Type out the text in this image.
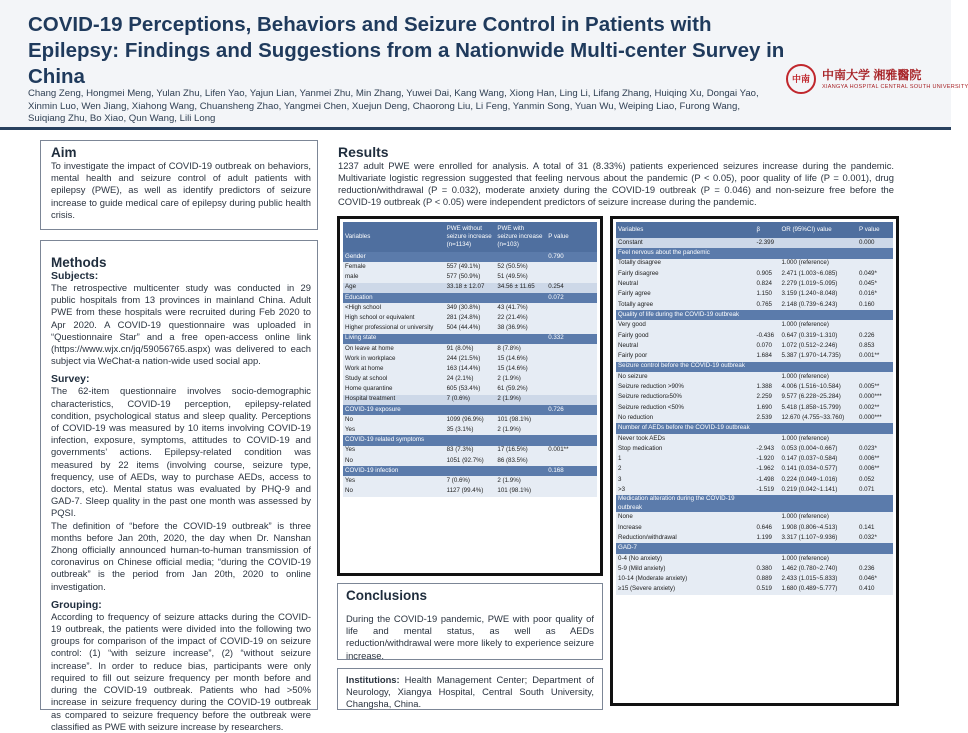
COVID-19 Perceptions, Behaviors and Seizure Control in Patients with Epilepsy: Findings and Suggestions from a Nationwide Multi-center Survey in China
Chang Zeng, Hongmei Meng, Yulan Zhu, Lifen Yao, Yajun Lian, Yanmei Zhu, Min Zhang, Yuwei Dai, Kang Wang, Xiong Han, Ling Li, Lifang Zhang, Huiqing Xu, Dongai Yao, Xinmin Luo, Wen Jiang, Xiahong Wang, Chuansheng Zhao, Yangmei Chen, Xuejun Deng, Chaorong Liu, Li Feng, Yanmin Song, Yuan Wu, Weiping Liao, Furong Wang, Suiqiang Zhu, Bo Xiao, Qun Wang, Lili Long
中南	中南大学 湘雅醫院
XIANGYA HOSPITAL CENTRAL SOUTH UNIVERSITY
Aim
To investigate the impact of COVID-19 outbreak on behaviors, mental health and seizure control of adult patients with epilepsy (PWE), as well as identify predictors of seizure increase to guide medical care of epilepsy during public health crisis.
Methods
Subjects:
The retrospective multicenter study was conducted in 29 public hospitals from 13 provinces in mainland China. Adult PWE from these hospitals were recruited during Feb 2020 to Apr 2020. A COVID-19 questionnaire was uploaded in “Questionnaire Star” and a free open-access online link (https://www.wjx.cn/jq/59056765.aspx) was delivered to each subject via WeChat-a nation-wide used social app.
Survey:
The 62-item questionnaire involves socio-demographic characteristics, COVID-19 perception, epilepsy-related condition, psychological status and sleep quality. Perceptions of COVID-19 was measured by 10 items involving COVID-19 infection, exposure, symptoms, attitudes to COVID-19 and governments’ actions. Epilepsy-related condition was measured by 22 items (involving course, seizure type, frequency, use of AEDs, way to purchase AEDs, access to doctors, etc). Mental status was evaluated by PHQ-9 and GAD-7. Sleep quality in the past one month was assessed by PQSI.
The definition of “before the COVID-19 outbreak” is three months before Jan 20th, 2020, the day when Dr. Nanshan Zhong officially announced human-to-human transmission of coronavirus on Chinese official media; “during the COVID-19 outbreak” is the period from Jan 20th, 2020 to online investigation.
Grouping:
According to frequency of seizure attacks during the COVID-19 outbreak, the patients were divided into the following two groups for comparison of the impact of COVID-19 on seizure control: (1) “with seizure increase”, (2) “without seizure increase”. In order to reduce bias, participants were only required to fill out seizure frequency per month before and during the COVID-19 outbreak. Patients who had >50% increase in seizure frequency during the COVID-19 outbreak as compared to seizure frequency before the outbreak were classified as PWE with seizure increase by researchers.
Results
1237 adult PWE were enrolled for analysis. A total of 31 (8.33%) patients experienced seizures increase during the pandemic. Multivariate logistic regression suggested that feeling nervous about the pandemic (P < 0.05), poor quality of life (P = 0.001), drug reduction/withdrawal (P = 0.032), moderate anxiety during the COVID-19 outbreak (P = 0.046) and non-seizure free before the COVID-19 outbreak (P < 0.05) were independent predictors of seizure increase during the pandemic.
Variables	PWE without seizure increase (n=1134)	PWE with seizure increase (n=103)	P value
Gender			0.790
Female	557 (49.1%)	52 (50.5%)	
male	577 (50.9%)	51 (49.5%)	
Age	33.18 ± 12.07	34.56 ± 11.65	0.254
Education			0.072
<High school	349 (30.8%)	43 (41.7%)	
High school or equivalent	281 (24.8%)	22 (21.4%)	
Higher professional or university	504 (44.4%)	38 (36.9%)	
Living state			0.332
On leave at home	91 (8.0%)	8 (7.8%)	
Work in workplace	244 (21.5%)	15 (14.6%)	
Work at home	163 (14.4%)	15 (14.6%)	
Study at school	24 (2.1%)	2 (1.9%)	
Home quarantine	605 (53.4%)	61 (59.2%)	
Hospital treatment	7 (0.6%)	2 (1.9%)	
COVID-19 exposure			0.726
No	1099 (96.9%)	101 (98.1%)	
Yes	35 (3.1%)	2 (1.9%)	
COVID-19 related symptoms			
Yes	83 (7.3%)	17 (16.5%)	0.001**
No	1051 (92.7%)	86 (83.5%)	
COVID-19 infection			0.168
Yes	7 (0.6%)	2 (1.9%)	
No	1127 (99.4%)	101 (98.1%)	
Variables	β	OR (95%CI) value	P value
Constant	-2.399		0.000
Feel nervous about the pandemic			
Totally disagree		1.000 (reference)	
Fairly disagree	0.905	2.471 (1.003~6.085)	0.049*
Neutral	0.824	2.279 (1.019~5.095)	0.045*
Fairly agree	1.150	3.159 (1.240~8.048)	0.016*
Totally agree	0.765	2.148 (0.739~6.243)	0.160
Quality of life during the COVID-19 outbreak			
Very good		1.000 (reference)	
Fairly good	-0.436	0.647 (0.319~1.310)	0.226
Neutral	0.070	1.072 (0.512~2.246)	0.853
Fairly poor	1.684	5.387 (1.970~14.735)	0.001**
Seizure control before the COVID-19 outbreak			
No seizure		1.000 (reference)	
Seizure reduction >90%	1.388	4.006 (1.516~10.584)	0.005**
Seizure reduction≥50%	2.259	9.577 (6.228~25.284)	0.000***
Seizure reduction <50%	1.690	5.418 (1.858~15.799)	0.002**
No reduction	2.539	12.670 (4.755~33.760)	0.000***
Number of AEDs before the COVID-19 outbreak			
Never took AEDs		1.000 (reference)	
Stop medication	-2.943	0.053 (0.004~0.667)	0.023*
1	-1.920	0.147 (0.037~0.584)	0.006**
2	-1.962	0.141 (0.034~0.577)	0.006**
3	-1.498	0.224 (0.049~1.016)	0.052
>3	-1.519	0.219 (0.042~1.141)	0.071
Medication alteration during the COVID-19 outbreak			
None		1.000 (reference)	
Increase	0.646	1.908 (0.806~4.513)	0.141
Reduction/withdrawal	1.199	3.317 (1.107~9.936)	0.032*
GAD-7			
0-4 (No anxiety)		1.000 (reference)	
5-9 (Mild anxiety)	0.380	1.462 (0.780~2.740)	0.236
10-14 (Moderate anxiety)	0.889	2.433 (1.015~5.833)	0.046*
≥15 (Severe anxiety)	0.519	1.680 (0.489~5.777)	0.410
Conclusions
During the COVID-19 pandemic, PWE with poor quality of life and mental status, as well as AEDs reduction/withdrawal were more likely to experience seizure increase.
Institutions: Health Management Center; Department of Neurology, Xiangya Hospital, Central South University, Changsha, China.
